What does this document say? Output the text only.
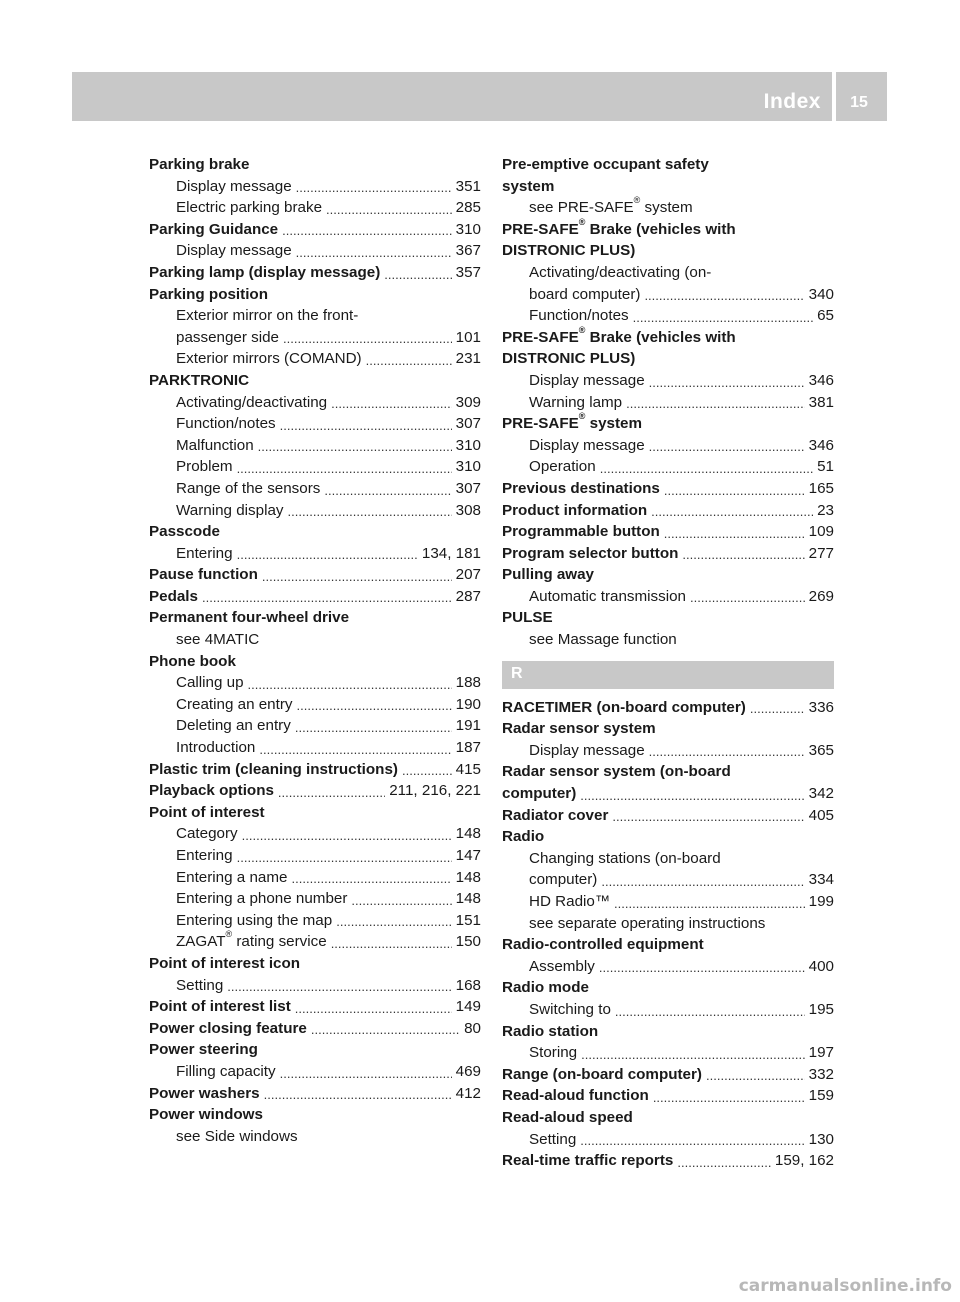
Index	15
Parking brake
Display message . . .	351
Electric parking brake . . .	285
Parking Guidance . . .	310
Display message . . .	367
Parking lamp (display message) . . .	357
Parking position
Exterior mirror on the front-
passenger side . . .	101
Exterior mirrors (COMAND) . . .	231
PARKTRONIC
Activating/deactivating . . .	309
Function/notes . . .	307
Malfunction . . .	310
Problem . . .	310
Range of the sensors . . .	307
Warning display . . .	308
Passcode
Entering . . .	134, 181
Pause function . . .	207
Pedals . . .	287
Permanent four-wheel drive
see 4MATIC
Phone book
Calling up . . .	188
Creating an entry . . .	190
Deleting an entry . . .	191
Introduction . . .	187
Plastic trim (cleaning instructions) . . .	415
Playback options . . .	211, 216, 221
Point of interest
Category . . .	148
Entering . . .	147
Entering a name . . .	148
Entering a phone number . . .	148
Entering using the map . . .	151
ZAGAT® rating service . . .	150
Point of interest icon
Setting . . .	168
Point of interest list . . .	149
Power closing feature . . .	80
Power steering
Filling capacity . . .	469
Power washers . . .	412
Power windows
see Side windows
Pre-emptive occupant safety
system
see PRE-SAFE® system
PRE-SAFE® Brake (vehicles with
DISTRONIC PLUS)
Activating/deactivating (on-
board computer) . . .	340
Function/notes . . .	65
PRE-SAFE® Brake (vehicles with
DISTRONIC PLUS)
Display message . . .	346
Warning lamp . . .	381
PRE-SAFE® system
Display message . . .	346
Operation . . .	51
Previous destinations . . .	165
Product information . . .	23
Programmable button . . .	109
Program selector button . . .	277
Pulling away
Automatic transmission . . .	269
PULSE
see Massage function
R
RACETIMER (on-board computer) . . .	336
Radar sensor system
Display message . . .	365
Radar sensor system (on-board
computer) . . .	342
Radiator cover . . .	405
Radio
Changing stations (on-board
computer) . . .	334
HD Radio™ . . .	199
see separate operating instructions
Radio-controlled equipment
Assembly . . .	400
Radio mode
Switching to . . .	195
Radio station
Storing . . .	197
Range (on-board computer) . . .	332
Read-aloud function . . .	159
Read-aloud speed
Setting . . .	130
Real-time traffic reports . . .	159, 162
carmanualsonline.info
